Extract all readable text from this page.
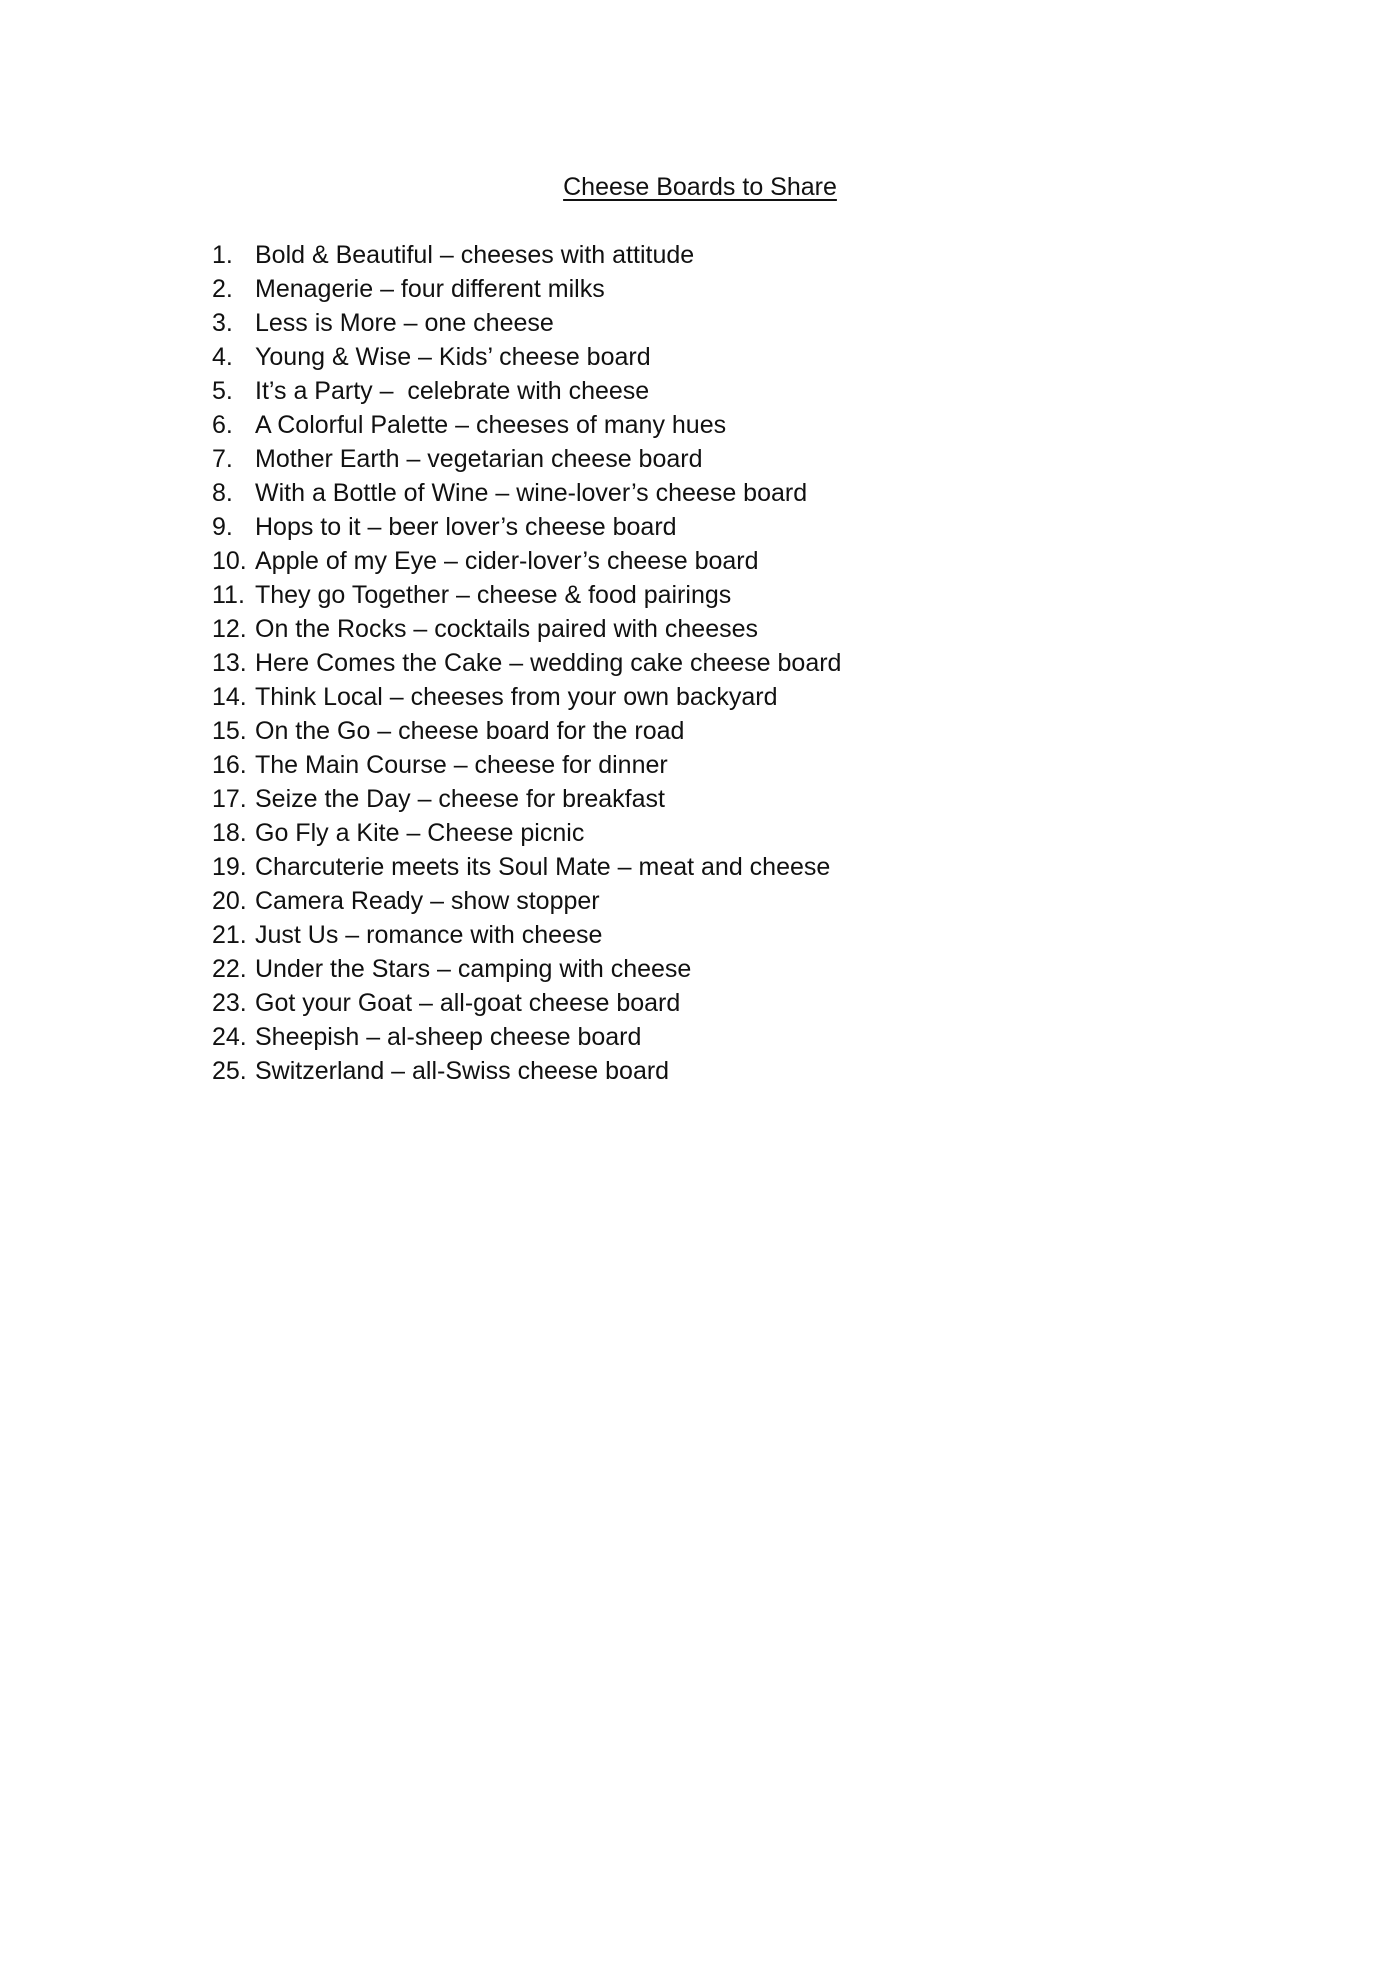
Cheese Boards to Share
1. Bold & Beautiful – cheeses with attitude
2. Menagerie – four different milks
3. Less is More – one cheese
4. Young & Wise – Kids’ cheese board
5. It’s a Party –  celebrate with cheese
6. A Colorful Palette – cheeses of many hues
7. Mother Earth – vegetarian cheese board
8. With a Bottle of Wine – wine-lover’s cheese board
9. Hops to it – beer lover’s cheese board
10. Apple of my Eye – cider-lover’s cheese board
11. They go Together – cheese & food pairings
12. On the Rocks – cocktails paired with cheeses
13. Here Comes the Cake – wedding cake cheese board
14. Think Local – cheeses from your own backyard
15. On the Go – cheese board for the road
16. The Main Course – cheese for dinner
17. Seize the Day – cheese for breakfast
18. Go Fly a Kite – Cheese picnic
19. Charcuterie meets its Soul Mate – meat and cheese
20. Camera Ready – show stopper
21. Just Us – romance with cheese
22. Under the Stars – camping with cheese
23. Got your Goat – all-goat cheese board
24. Sheepish – al-sheep cheese board
25. Switzerland – all-Swiss cheese board
